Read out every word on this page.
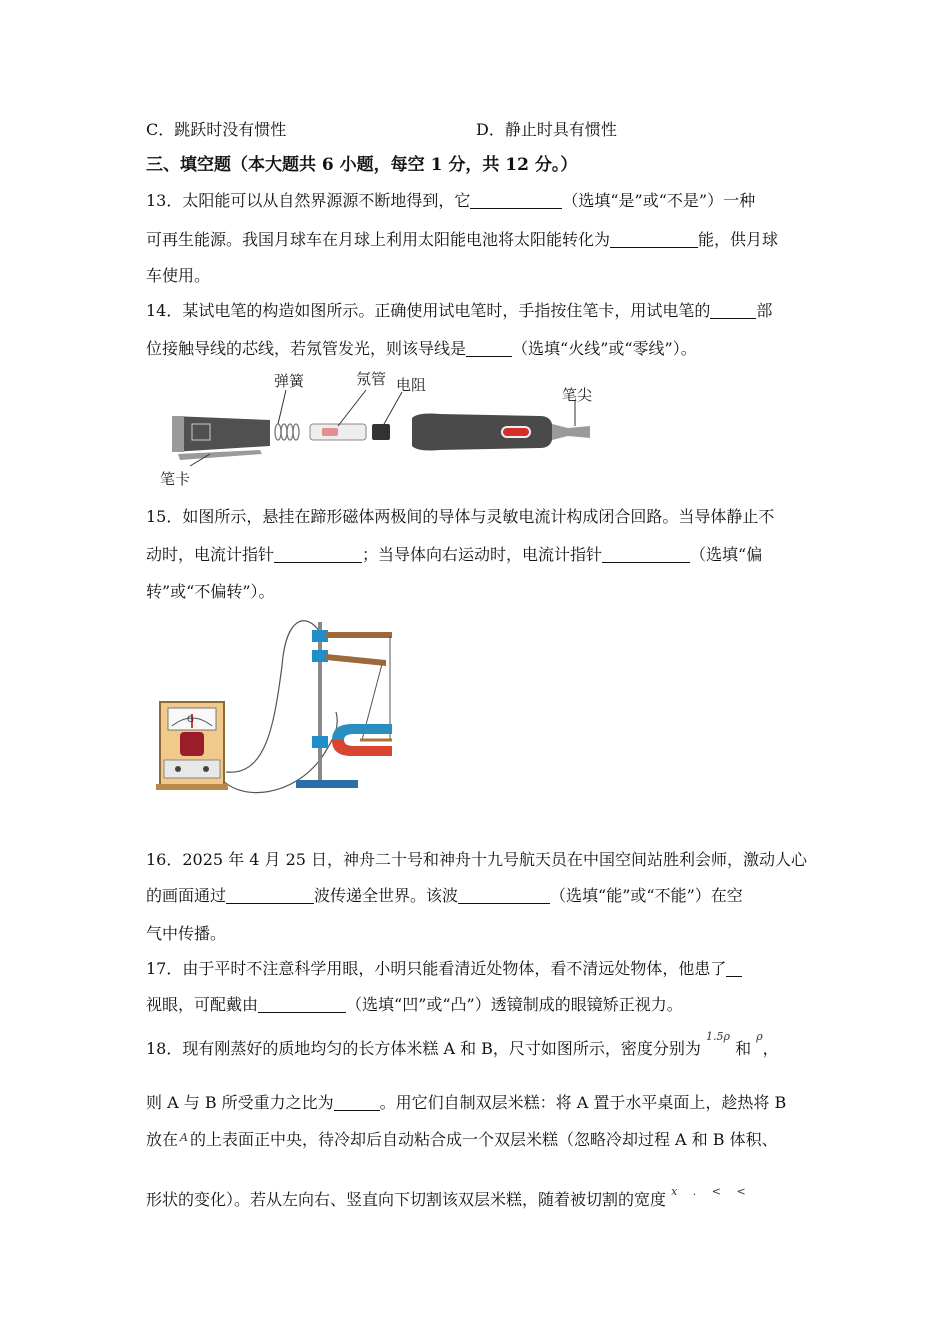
C．跳跃时没有惯性	D．静止时具有惯性
三、填空题（本大题共 6 小题，每空 1 分，共 12 分。）
13．太阳能可以从自然界源源不断地得到，它	（选填“是”或“不是”）一种
可再生能源。我国月球车在月球上利用太阳能电池将太阳能转化为	能，供月球
车使用。
14．某试电笔的构造如图所示。正确使用试电笔时，手指按住笔卡，用试电笔的	部
位接触导线的芯线，若氖管发光，则该导线是	（选填“火线”或“零线”）。
弹簧	氖管 电阻
笔尖
笔卡
15．如图所示，悬挂在蹄形磁体两极间的导体与灵敏电流计构成闭合回路。当导体静止不
动时，电流计指针	；当导体向右运动时，电流计指针	（选填“偏
转”或“不偏转”）。
G
16．2025 年 4 月 25 日，神舟二十号和神舟十九号航天员在中国空间站胜利会师，激动人心
的画面通过	波传递全世界。该波	（选填“能”或“不能”）在空
气中传播。
17．由于平时不注意科学用眼，小明只能看清近处物体，看不清远处物体，他患了
视眼，可配戴由	（选填“凹”或“凸”）透镜制成的眼镜矫正视力。
18．现有刚蒸好的质地均匀的长方体米糕 A 和 B，尺寸如图所示，密度分别为 $^{1.5\rho}$ 和 $^\rho$，
则 A 与 B 所受重力之比为	。用它们自制双层米糕：将 A 置于水平桌面上，趁热将 B
放在 $^A$ 的上表面正中央，待冷却后自动粘合成一个双层米糕（忽略冷却过程 A 和 B 体积、
形状的变化）。若从左向右、竖直向下切割该双层米糕，随着被切割的宽度 $^{x . < <}$
